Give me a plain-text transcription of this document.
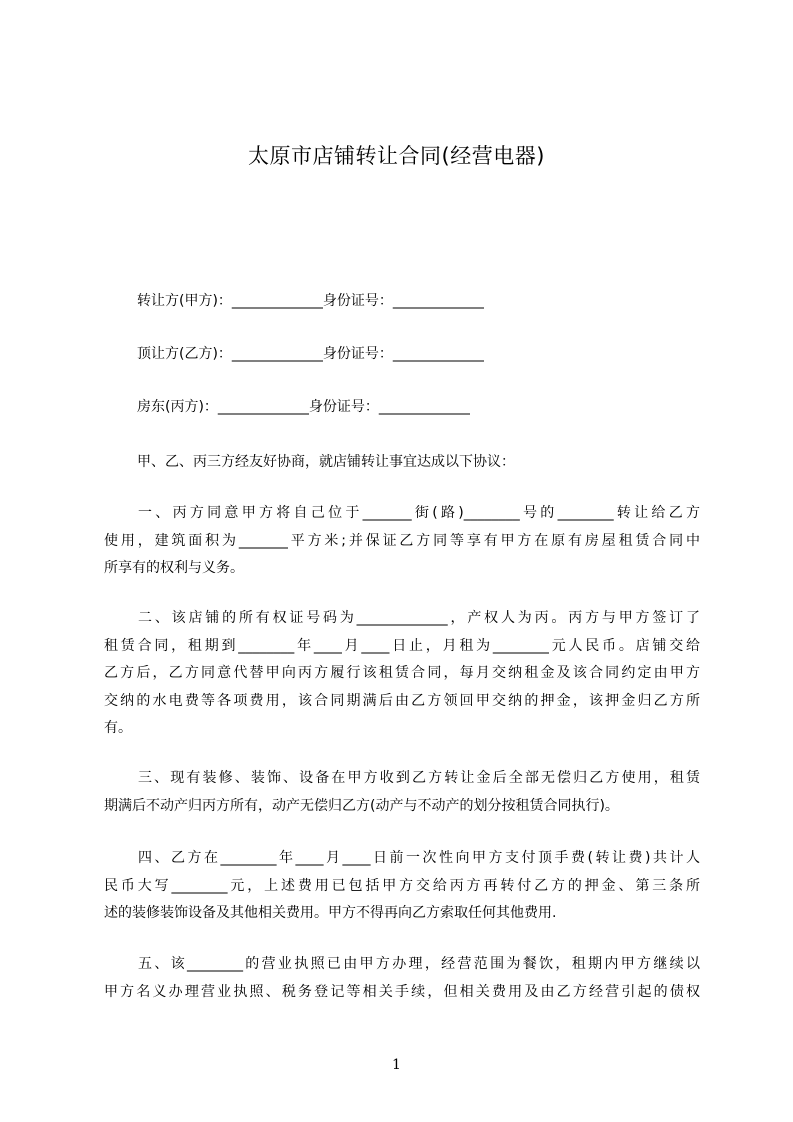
太原市店铺转让合同(经营电器)
转让方(甲方)：_____________身份证号：_____________
顶让方(乙方)：_____________身份证号：_____________
房东(丙方)：_____________身份证号：_____________
甲、乙、丙三方经友好协商，就店铺转让事宜达成以下协议：
一、丙方同意甲方将自己位于_______街(路)________号的________转让给乙方
使用，建筑面积为_______平方米;并保证乙方同等享有甲方在原有房屋租赁合同中
所享有的权利与义务。
二、该店铺的所有权证号码为_____________，产权人为丙。丙方与甲方签订了
租赁合同，租期到________年____月____日止，月租为________元人民币。店铺交给
乙方后，乙方同意代替甲向丙方履行该租赁合同，每月交纳租金及该合同约定由甲方
交纳的水电费等各项费用，该合同期满后由乙方领回甲交纳的押金，该押金归乙方所
有。
三、现有装修、装饰、设备在甲方收到乙方转让金后全部无偿归乙方使用，租赁
期满后不动产归丙方所有，动产无偿归乙方(动产与不动产的划分按租赁合同执行)。
四、乙方在________年____月____日前一次性向甲方支付顶手费(转让费)共计人
民币大写________元，上述费用已包括甲方交给丙方再转付乙方的押金、第三条所
述的装修装饰设备及其他相关费用。甲方不得再向乙方索取任何其他费用.
五、该________的营业执照已由甲方办理，经营范围为餐饮，租期内甲方继续以
甲方名义办理营业执照、税务登记等相关手续，但相关费用及由乙方经营引起的债权
1
